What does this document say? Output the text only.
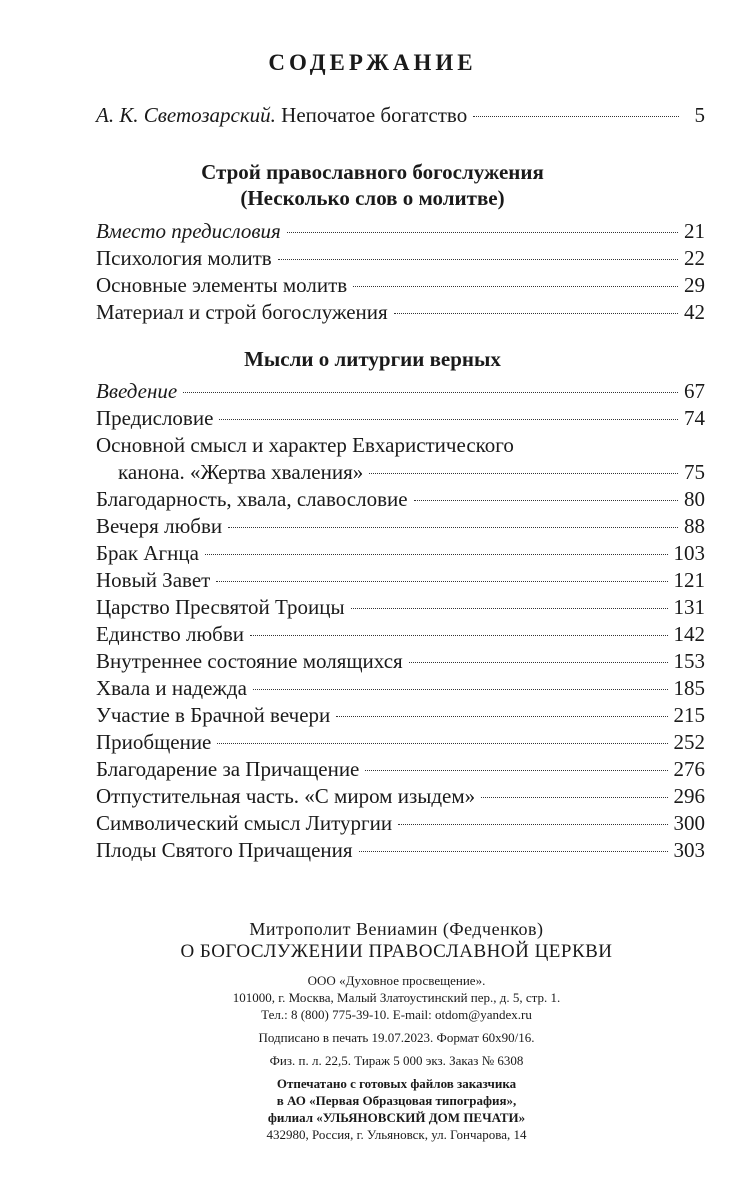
СОДЕРЖАНИЕ
А. К. Светозарский. Непочатое богатство	5
Строй православного богослужения
(Несколько слов о молитве)
Вместо предисловия	21
Психология молитв	22
Основные элементы молитв	29
Материал и строй богослужения	42
Мысли о литургии верных
Введение	67
Предисловие	74
Основной смысл и характер Евхаристического
канона. «Жертва хваления»	75
Благодарность, хвала, славословие	80
Вечеря любви	88
Брак Агнца	103
Новый Завет	121
Царство Пресвятой Троицы	131
Единство любви	142
Внутреннее состояние молящихся	153
Хвала и надежда	185
Участие в Брачной вечери	215
Приобщение	252
Благодарение за Причащение	276
Отпустительная часть. «С миром изыдем»	296
Символический смысл Литургии	300
Плоды Святого Причащения	303
Митрополит Вениамин (Федченков)
О БОГОСЛУЖЕНИИ ПРАВОСЛАВНОЙ ЦЕРКВИ
ООО «Духовное просвещение».
101000, г. Москва, Малый Златоустинский пер., д. 5, стр. 1.
Тел.: 8 (800) 775-39-10. E-mail: otdom@yandex.ru
Подписано в печать 19.07.2023. Формат 60х90/16.
Физ. п. л. 22,5. Тираж 5 000 экз. Заказ № 6308
Отпечатано с готовых файлов заказчика
в АО «Первая Образцовая типография»,
филиал «УЛЬЯНОВСКИЙ ДОМ ПЕЧАТИ»
432980, Россия, г. Ульяновск, ул. Гончарова, 14
